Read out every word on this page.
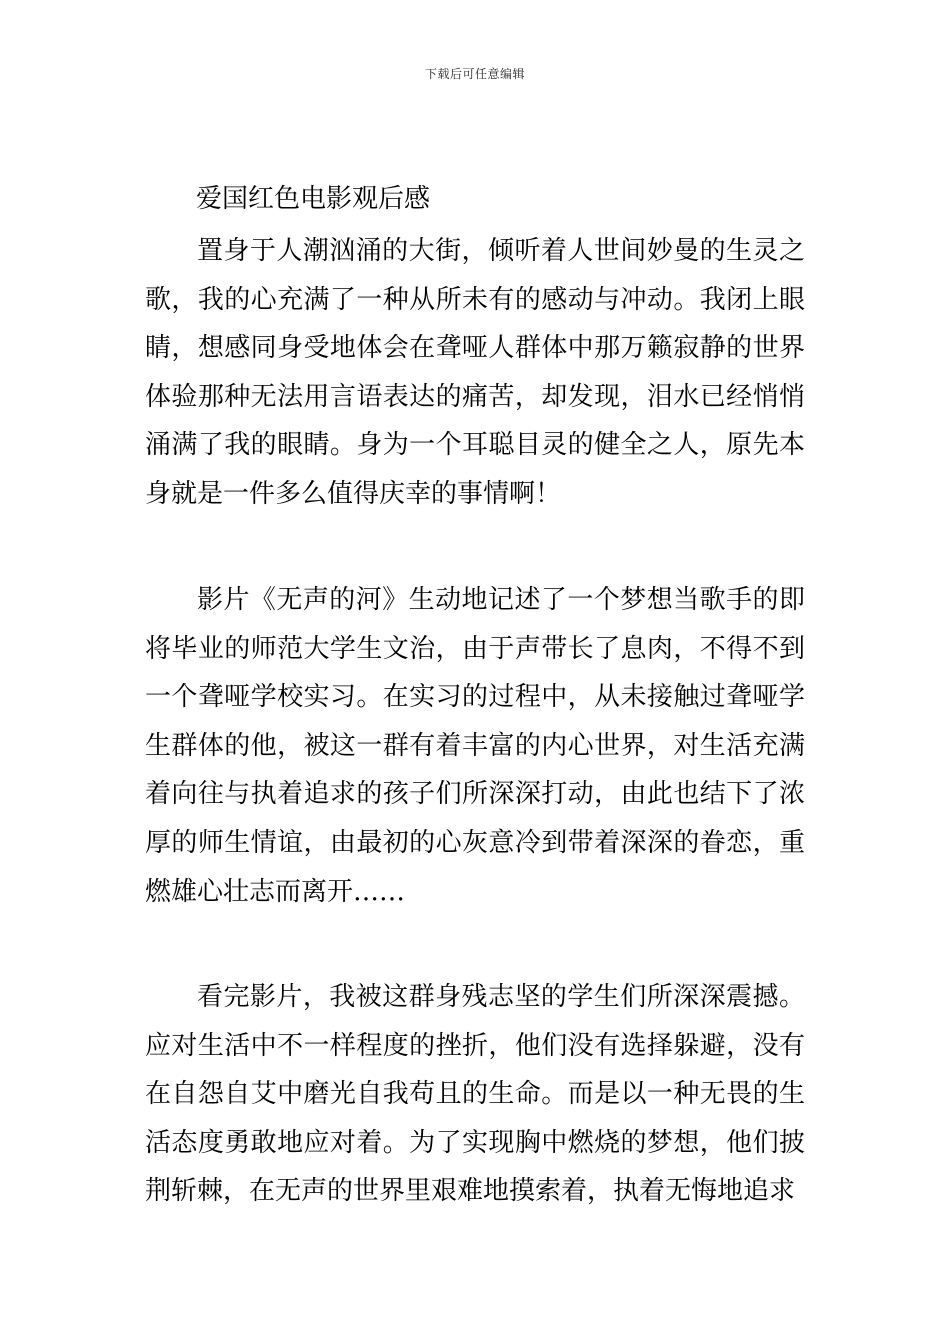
下载后可任意编辑
爱国红色电影观后感

置身于人潮汹涌的大街，倾听着人世间妙曼的生灵之歌，我的心充满了一种从所未有的感动与冲动。我闭上眼睛，想感同身受地体会在聋哑人群体中那万籁寂静的世界体验那种无法用言语表达的痛苦，却发现，泪水已经悄悄涌满了我的眼睛。身为一个耳聪目灵的健全之人，原先本身就是一件多么值得庆幸的事情啊！

影片《无声的河》生动地记述了一个梦想当歌手的即将毕业的师范大学生文治，由于声带长了息肉，不得不到一个聋哑学校实习。在实习的过程中，从未接触过聋哑学生群体的他，被这一群有着丰富的内心世界，对生活充满着向往与执着追求的孩子们所深深打动，由此也结下了浓厚的师生情谊，由最初的心灰意冷到带着深深的眷恋，重燃雄心壮志而离开……

看完影片，我被这群身残志坚的学生们所深深震撼。应对生活中不一样程度的挫折，他们没有选择躲避，没有在自怨自艾中磨光自我苟且的生命。而是以一种无畏的生活态度勇敢地应对着。为了实现胸中燃烧的梦想，他们披荆斩棘，在无声的世界里艰难地摸索着，执着无悔地追求
